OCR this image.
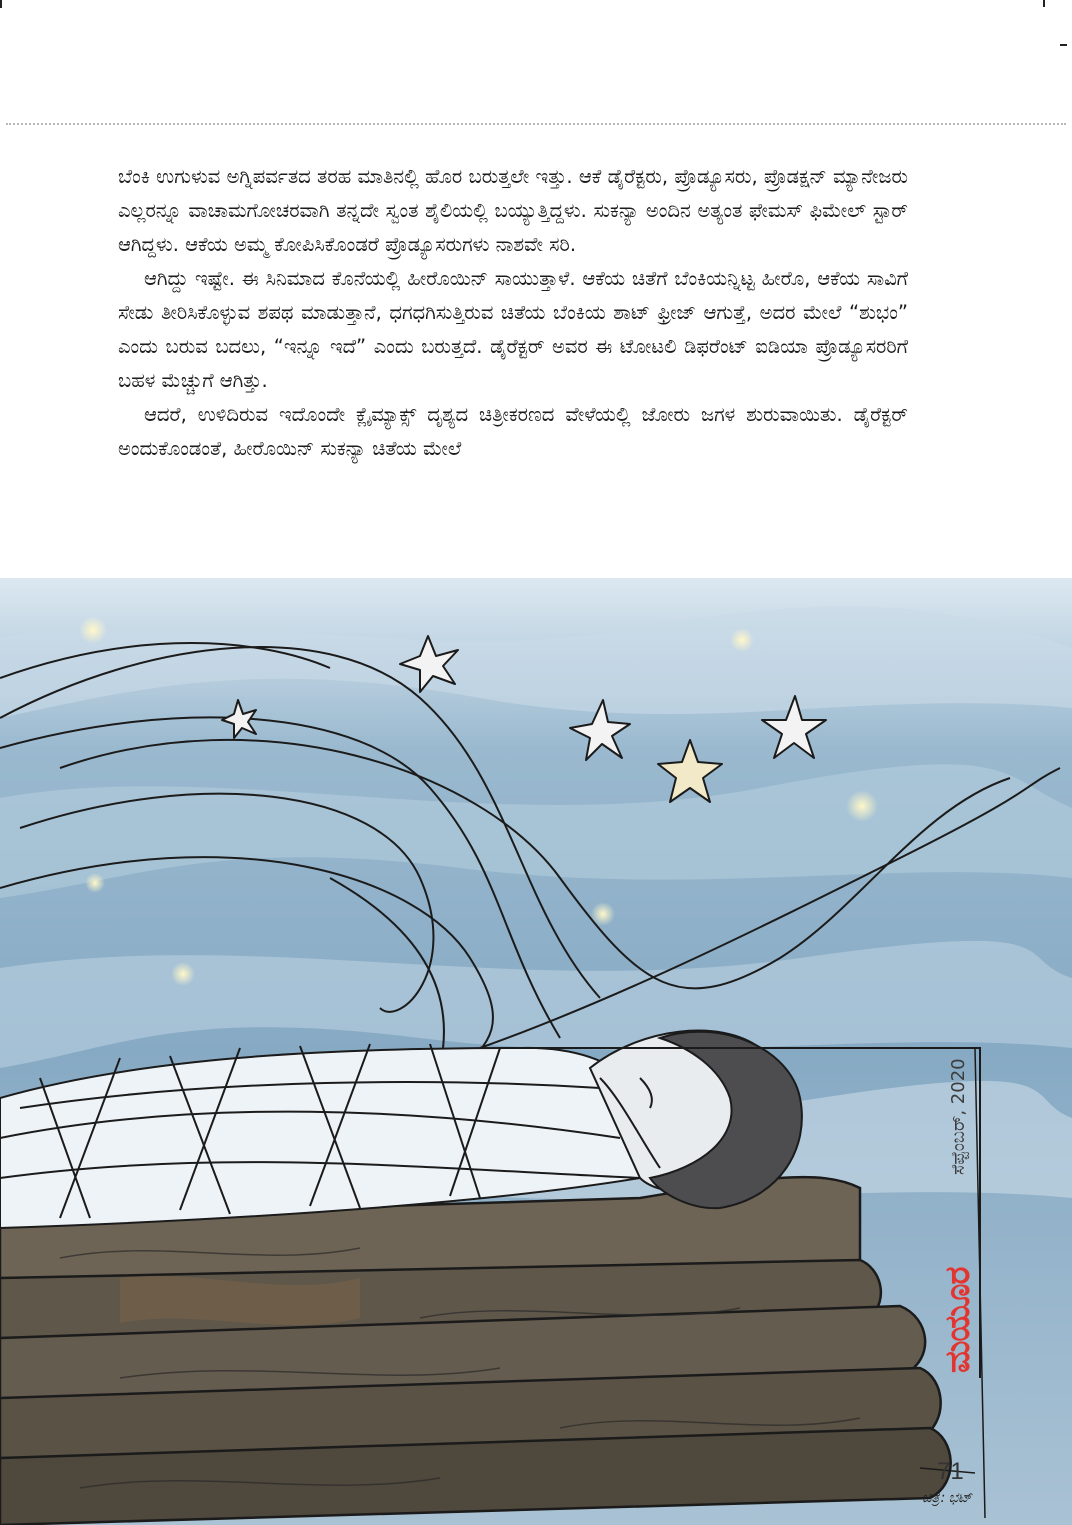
ಬೆಂಕಿ ಉಗುಳುವ ಅಗ್ನಿಪರ್ವತದ ತರಹ ಮಾತಿನಲ್ಲಿ ಹೊರ ಬರುತ್ತಲೇ ಇತ್ತು. ಆಕೆ ಡೈರೆಕ್ಟರು, ಪ್ರೊಡ್ಯೂಸರು, ಪ್ರೊಡಕ್ಷನ್ ಮ್ಯಾನೇಜರು ಎಲ್ಲರನ್ನೂ ವಾಚಾಮಗೋಚರವಾಗಿ ತನ್ನದೇ ಸ್ವಂತ ಶೈಲಿಯಲ್ಲಿ ಬಯ್ಯುತ್ತಿದ್ದಳು. ಸುಕನ್ಯಾ ಅಂದಿನ ಅತ್ಯಂತ ಫೇಮಸ್ ಫಿಮೇಲ್ ಸ್ಟಾರ್ ಆಗಿದ್ದಳು. ಆಕೆಯ ಅಮ್ಮ ಕೋಪಿಸಿಕೊಂಡರೆ ಪ್ರೊಡ್ಯೂಸರುಗಳು ನಾಶವೇ ಸರಿ.

ಆಗಿದ್ದು ಇಷ್ಟೇ. ಈ ಸಿನಿಮಾದ ಕೊನೆಯಲ್ಲಿ ಹೀರೊಯಿನ್ ಸಾಯುತ್ತಾಳೆ. ಆಕೆಯ ಚಿತೆಗೆ ಬೆಂಕಿಯನ್ನಿಟ್ಟ ಹೀರೊ, ಆಕೆಯ ಸಾವಿಗೆ ಸೇಡು ತೀರಿಸಿಕೊಳ್ಳುವ ಶಪಥ ಮಾಡುತ್ತಾನೆ, ಧಗಧಗಿಸುತ್ತಿರುವ ಚಿತೆಯ ಬೆಂಕಿಯ ಶಾಟ್ ಫ್ರೀಜ್ ಆಗುತ್ತೆ, ಅದರ ಮೇಲೆ “ಶುಭಂ” ಎಂದು ಬರುವ ಬದಲು, “ಇನ್ನೂ ಇದೆ” ಎಂದು ಬರುತ್ತದೆ. ಡೈರೆಕ್ಟರ್ ಅವರ ಈ ಟೋಟಲಿ ಡಿಫರೆಂಟ್ ಐಡಿಯಾ ಪ್ರೊಡ್ಯೂಸರರಿಗೆ ಬಹಳ ಮೆಚ್ಚುಗೆ ಆಗಿತ್ತು.

ಆದರೆ, ಉಳಿದಿರುವ ಇದೊಂದೇ ಕ್ಲೈಮ್ಯಾಕ್ಸ್ ದೃಶ್ಯದ ಚಿತ್ರೀಕರಣದ ವೇಳೆಯಲ್ಲಿ ಜೋರು ಜಗಳ ಶುರುವಾಯಿತು. ಡೈರೆಕ್ಟರ್ ಅಂದುಕೊಂಡಂತೆ, ಹೀರೊಯಿನ್ ಸುಕನ್ಯಾ ಚಿತೆಯ ಮೇಲೆ

ಸೆಪ್ಟೆಂಬರ್, 2020
ಮಯೂರ
71
ಚಿತ್ರ: ಭಟ್
